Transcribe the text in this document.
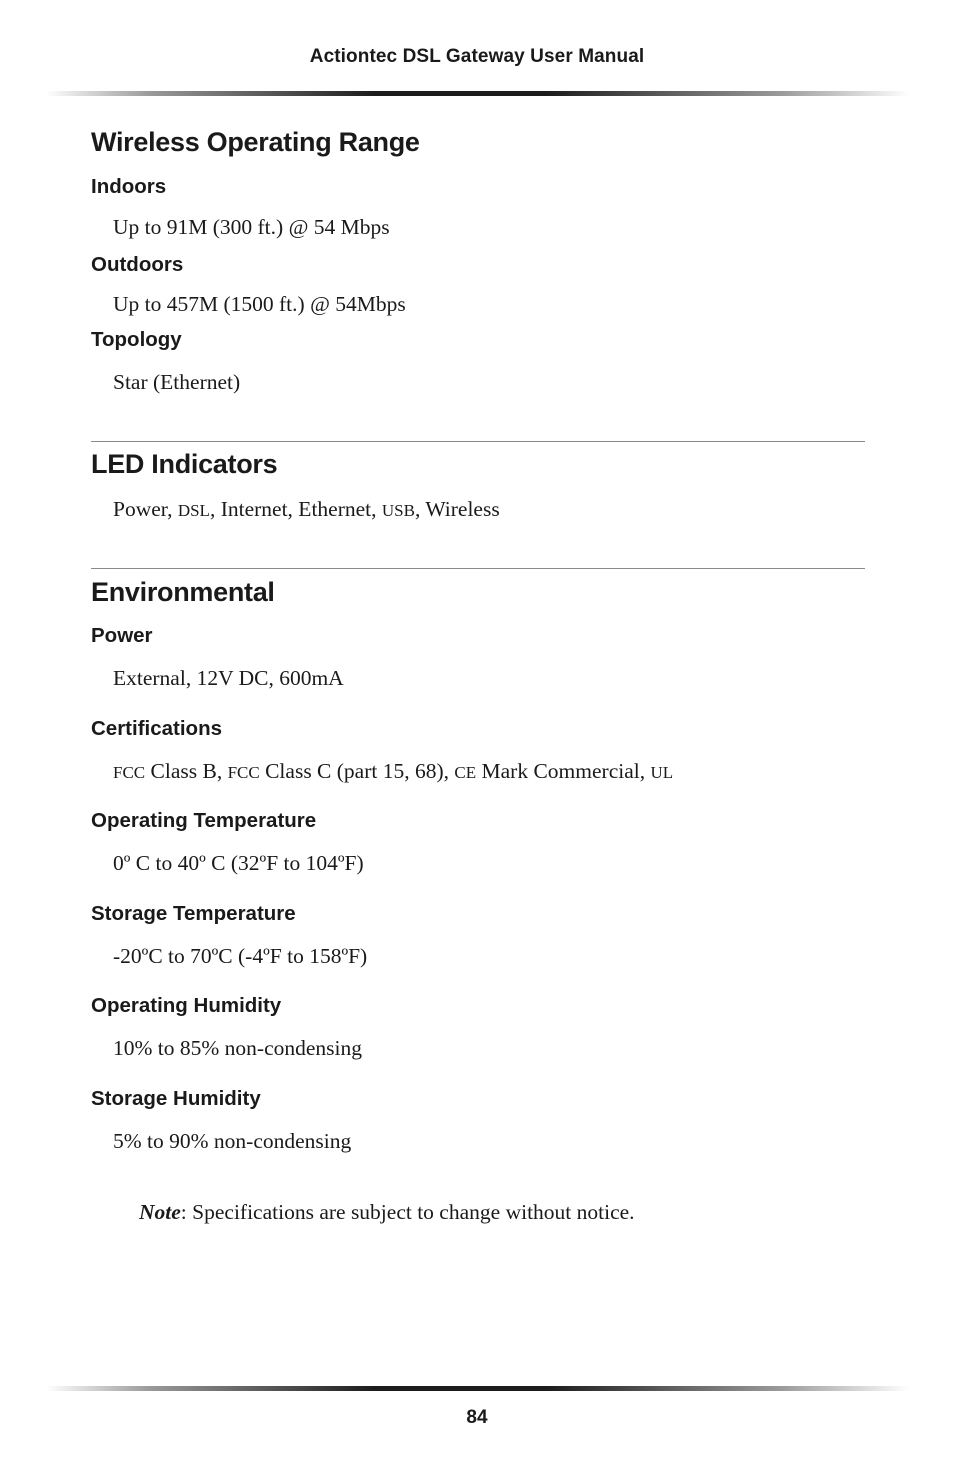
Actiontec DSL Gateway User Manual
Wireless Operating Range
Indoors
Up to 91M (300 ft.) @ 54 Mbps
Outdoors
Up to 457M (1500 ft.) @ 54Mbps
Topology
Star (Ethernet)
LED Indicators
Power, DSL, Internet, Ethernet, USB, Wireless
Environmental
Power
External, 12V DC, 600mA
Certifications
FCC Class B, FCC Class C (part 15, 68), CE Mark Commercial, UL
Operating Temperature
0º C to 40º C (32ºF to 104ºF)
Storage Temperature
-20ºC to 70ºC (-4ºF to 158ºF)
Operating Humidity
10% to 85% non-condensing
Storage Humidity
5% to 90% non-condensing
Note: Specifications are subject to change without notice.
84
